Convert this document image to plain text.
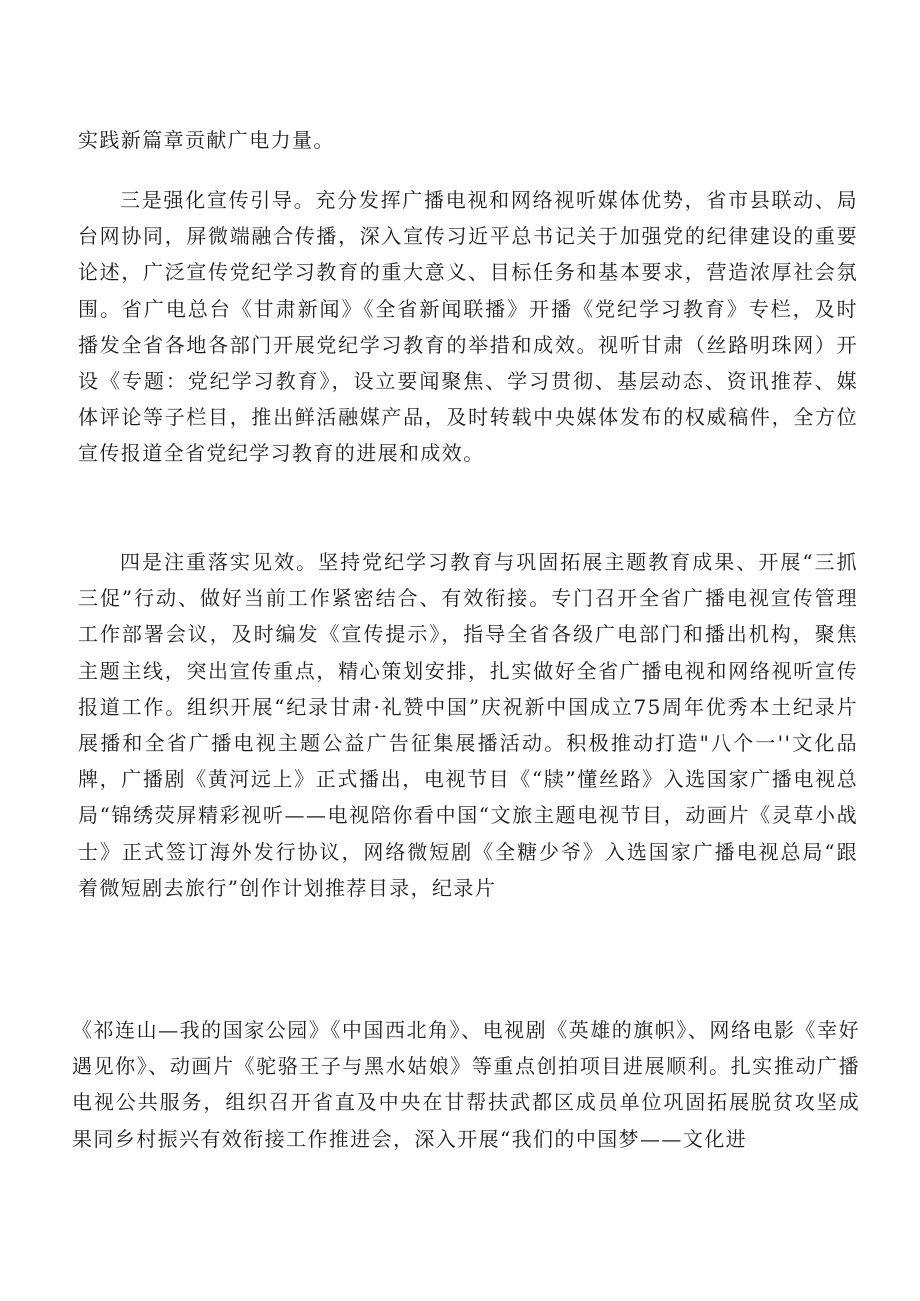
实践新篇章贡献广电力量。

三是强化宣传引导。充分发挥广播电视和网络视听媒体优势，省市县联动、局台网协同，屏微端融合传播，深入宣传习近平总书记关于加强党的纪律建设的重要论述，广泛宣传党纪学习教育的重大意义、目标任务和基本要求，营造浓厚社会氛围。省广电总台《甘肃新闻》《全省新闻联播》开播《党纪学习教育》专栏，及时播发全省各地各部门开展党纪学习教育的举措和成效。视听甘肃（丝路明珠网）开设《专题：党纪学习教育》，设立要闻聚焦、学习贯彻、基层动态、资讯推荐、媒体评论等子栏目，推出鲜活融媒产品，及时转载中央媒体发布的权威稿件，全方位宣传报道全省党纪学习教育的进展和成效。

四是注重落实见效。坚持党纪学习教育与巩固拓展主题教育成果、开展“三抓三促”行动、做好当前工作紧密结合、有效衔接。专门召开全省广播电视宣传管理工作部署会议，及时编发《宣传提示》，指导全省各级广电部门和播出机构，聚焦主题主线，突出宣传重点，精心策划安排，扎实做好全省广播电视和网络视听宣传报道工作。组织开展“纪录甘肃·礼赞中国”庆祝新中国成立75周年优秀本土纪录片展播和全省广播电视主题公益广告征集展播活动。积极推动打造"八个一''文化品牌，广播剧《黄河远上》正式播出，电视节目《“牍”懂丝路》入选国家广播电视总局“锦绣荧屏精彩视听——电视陪你看中国“文旅主题电视节目，动画片《灵草小战士》正式签订海外发行协议，网络微短剧《全糖少爷》入选国家广播电视总局“跟着微短剧去旅行”创作计划推荐目录，纪录片

《祁连山—我的国家公园》《中国西北角》、电视剧《英雄的旗帜》、网络电影《幸好遇见你》、动画片《驼骆王子与黑水姑娘》等重点创拍项目进展顺利。扎实推动广播电视公共服务，组织召开省直及中央在甘帮扶武都区成员单位巩固拓展脱贫攻坚成果同乡村振兴有效衔接工作推进会，深入开展“我们的中国梦——文化进
